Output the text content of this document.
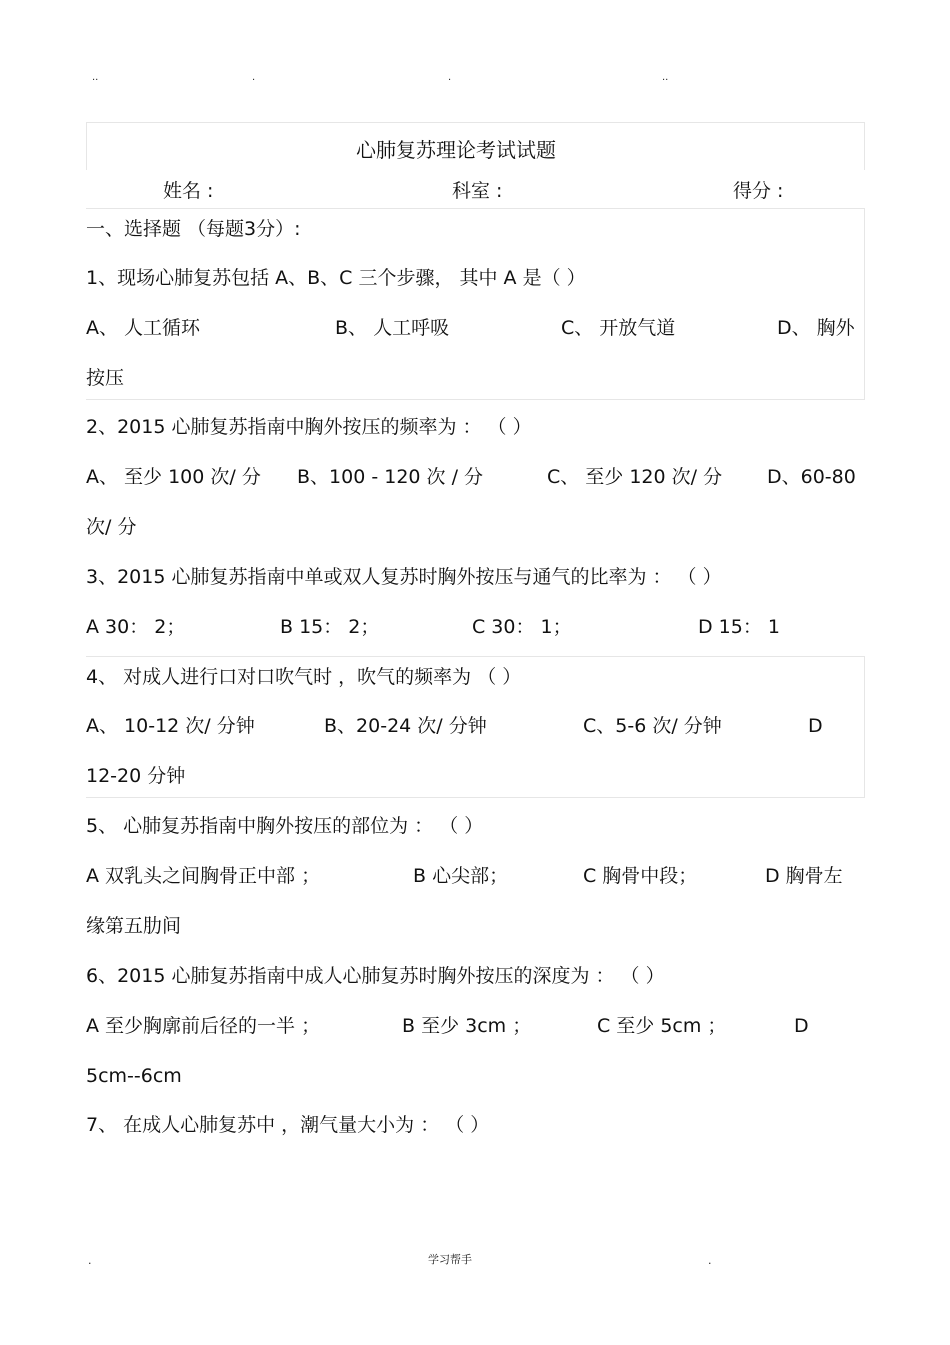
..	.	.	..
心肺复苏理论考试试题
姓名 :	科室 :	得分 :
一、选择题 （每题3分）:
1、现场心肺复苏包括 A、B、C 三个步骤， 其中 A 是（ ）
A、 人工循环	B、 人工呼吸	C、 开放气道	D、 胸外
按压
2、2015 心肺复苏指南中胸外按压的频率为 ： （ ）
A、 至少 100 次/ 分 B、100 - 120 次 / 分	C、 至少 120 次/ 分 D、60-80
次/ 分
3、2015 心肺复苏指南中单或双人复苏时胸外按压与通气的比率为 ： （ ）
A 30： 2；	B 15： 2；	C 30： 1；	D 15： 1
4、 对成人进行口对口吹气时 ，吹气的频率为 （ ）
A、 10-12 次/ 分钟	B、20-24 次/ 分钟	C、5-6 次/ 分钟	D
12-20 分钟
5、 心肺复苏指南中胸外按压的部位为 ： （ ）
A 双乳头之间胸骨正中部 ；	B 心尖部；	C 胸骨中段；	D 胸骨左
缘第五肋间
6、2015 心肺复苏指南中成人心肺复苏时胸外按压的深度为 ： （ ）
A 至少胸廓前后径的一半 ；	B 至少 3cm ；	C 至少 5cm ；	D
5cm--6cm
7、 在成人心肺复苏中 ，潮气量大小为 ： （ ）
.	学习帮手	.
